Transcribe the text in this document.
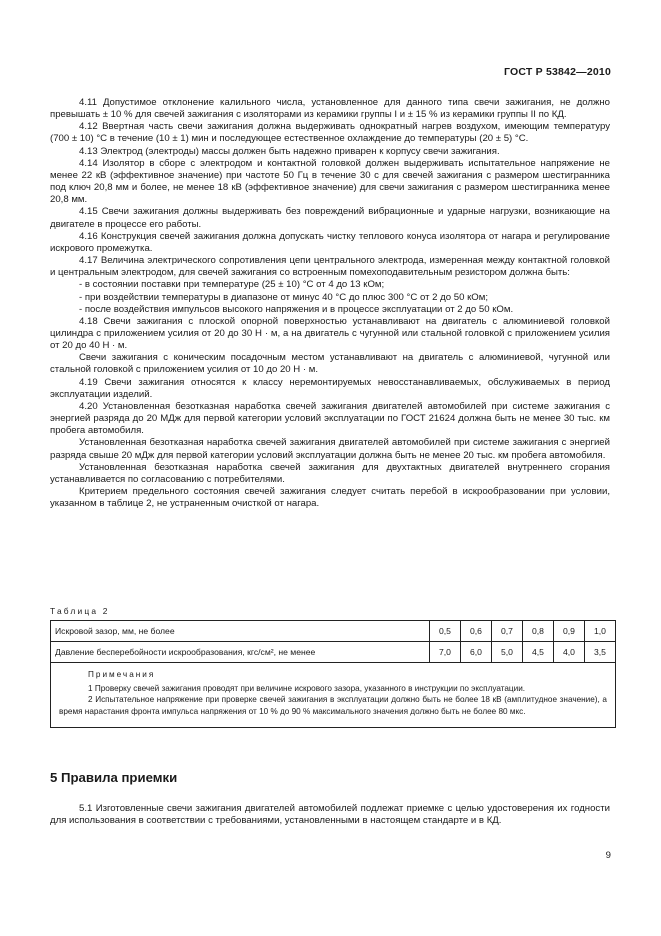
ГОСТ Р 53842—2010

4.11 Допустимое отклонение калильного числа, установленное для данного типа свечи зажигания, не должно превышать ± 10 % для свечей зажигания с изоляторами из керамики группы I и ± 15 % из керамики группы II по КД.

4.12 Ввертная часть свечи зажигания должна выдерживать однократный нагрев воздухом, имеющим температуру (700 ± 10) °С в течение (10 ± 1) мин и последующее естественное охлаждение до температуры (20 ± 5) °С.

4.13 Электрод (электроды) массы должен быть надежно приварен к корпусу свечи зажигания.

4.14 Изолятор в сборе с электродом и контактной головкой должен выдерживать испытательное напряжение не менее 22 кВ (эффективное значение) при частоте 50 Гц в течение 30 с для свечей зажигания с размером шестигранника под ключ 20,8 мм и более, не менее 18 кВ (эффективное значение) для свечи зажигания с размером шестигранника менее 20,8 мм.

4.15 Свечи зажигания должны выдерживать без повреждений вибрационные и ударные нагрузки, возникающие на двигателе в процессе его работы.

4.16 Конструкция свечей зажигания должна допускать чистку теплового конуса изолятора от нагара и регулирование искрового промежутка.

4.17 Величина электрического сопротивления цепи центрального электрода, измеренная между контактной головкой и центральным электродом, для свечей зажигания со встроенным помехоподавительным резистором должна быть:

- в состоянии поставки при температуре (25 ± 10) °С от 4 до 13 кОм;

- при воздействии температуры в диапазоне от минус 40 °С до плюс 300 °С от 2 до 50 кОм;

- после воздействия импульсов высокого напряжения и в процессе эксплуатации от 2 до 50 кОм.

4.18 Свечи зажигания с плоской опорной поверхностью устанавливают на двигатель с алюминиевой головкой цилиндра с приложением усилия от 20 до 30 Н · м, а на двигатель с чугунной или стальной головкой с приложением усилия от 20 до 40 Н · м.

Свечи зажигания с коническим посадочным местом устанавливают на двигатель с алюминиевой, чугунной или стальной головкой с приложением усилия от 10 до 20 Н · м.

4.19 Свечи зажигания относятся к классу неремонтируемых невосстанавливаемых, обслуживаемых в период эксплуатации изделий.

4.20 Установленная безотказная наработка свечей зажигания двигателей автомобилей при системе зажигания с энергией разряда до 20 МДж для первой категории условий эксплуатации по ГОСТ 21624 должна быть не менее 30 тыс. км пробега автомобиля.

Установленная безотказная наработка свечей зажигания двигателей автомобилей при системе зажигания с энергией разряда свыше 20 мДж для первой категории условий эксплуатации должна быть не менее 20 тыс. км пробега автомобиля.

Установленная безотказная наработка свечей зажигания для двухтактных двигателей внутреннего сгорания устанавливается по согласованию с потребителями.

Критерием предельного состояния свечей зажигания следует считать перебой в искрообразовании при условии, указанном в таблице 2, не устраненным очисткой от нагара.

Таблица 2
Искровой зазор, мм, не более	0,5	0,6	0,7	0,8	0,9	1,0
Давление бесперебойности искрообразования, кгс/см², не менее	7,0	6,0	5,0	4,5	4,0	3,5

Примечания
1 Проверку свечей зажигания проводят при величине искрового зазора, указанного в инструкции по эксплуатации.
2 Испытательное напряжение при проверке свечей зажигания в эксплуатации должно быть не более 18 кВ (амплитудное значение), а время нарастания фронта импульса напряжения от 10 % до 90 % максимального значения должно быть не более 80 мкс.						
5 Правила приемки

5.1 Изготовленные свечи зажигания двигателей автомобилей подлежат приемке с целью удостоверения их годности для использования в соответствии с требованиями, установленными в настоящем стандарте и в КД.

9
